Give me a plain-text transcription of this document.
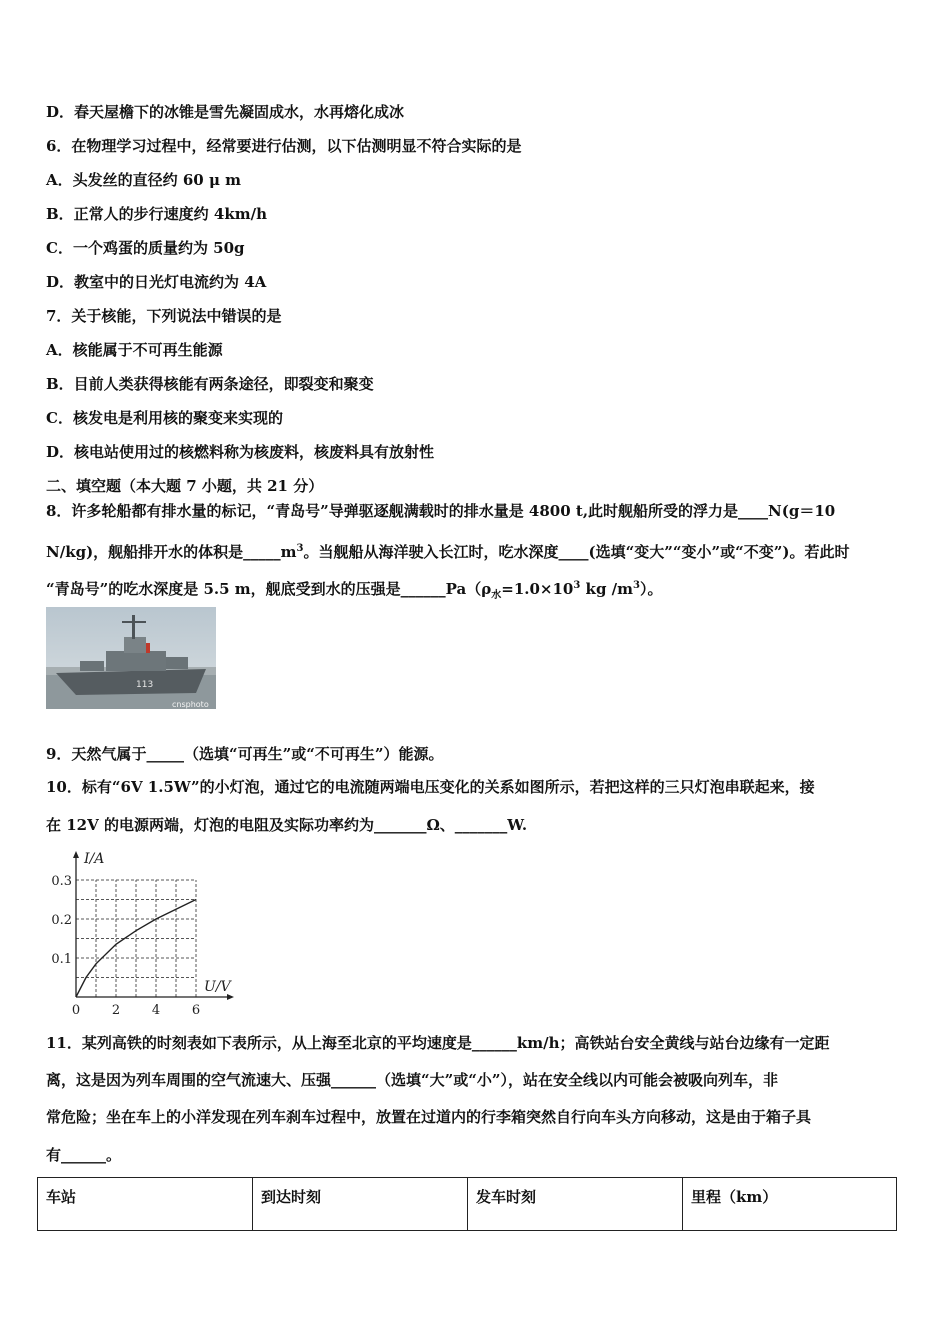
D．春天屋檐下的冰锥是雪先凝固成水，水再熔化成冰
6．在物理学习过程中，经常要进行估测，以下估测明显不符合实际的是
A．头发丝的直径约 60 μ m
B．正常人的步行速度约 4km/h
C．一个鸡蛋的质量约为 50g
D．教室中的日光灯电流约为 4A
7．关于核能，下列说法中错误的是
A．核能属于不可再生能源
B．目前人类获得核能有两条途径，即裂变和聚变
C．核发电是利用核的聚变来实现的
D．核电站使用过的核燃料称为核废料，核废料具有放射性
二、填空题（本大题 7 小题，共 21 分）
8．许多轮船都有排水量的标记，“青岛号”导弹驱逐舰满载时的排水量是 4800 t,此时舰船所受的浮力是____N(g＝10
N/kg)，舰船排开水的体积是$\_\_\_\_\_m^3$。当舰船从海洋驶入长江时，吃水深度____(选填“变大”“变小”或“不变”)。若此时
“青岛号”的吃水深度是 5.5 m，舰底受到水的压强是$\_\_\_\_\_\_Pa(\rho_水=1.0\times 10^3$ kg $/m^3$）。
113
cnsphoto
9．天然气属于_____（选填“可再生”或“不可再生”）能源。
10．标有“6V 1.5W”的小灯泡，通过它的电流随两端电压变化的关系如图所示，若把这样的三只灯泡串联起来，接
在 12V 的电源两端，灯泡的电阻及实际功率约为_______Ω、_______W.
0 2 4 6
0.1
0.2
0.3
U/V
I/A
11．某列高铁的时刻表如下表所示，从上海至北京的平均速度是______km/h；高铁站台安全黄线与站台边缘有一定距
离，这是因为列车周围的空气流速大、压强______（选填“大”或“小”），站在安全线以内可能会被吸向列车，非
常危险；坐在车上的小洋发现在列车刹车过程中，放置在过道内的行李箱突然自行向车头方向移动，这是由于箱子具
有______。
车站	到达时刻	发车时刻	里程（km）
